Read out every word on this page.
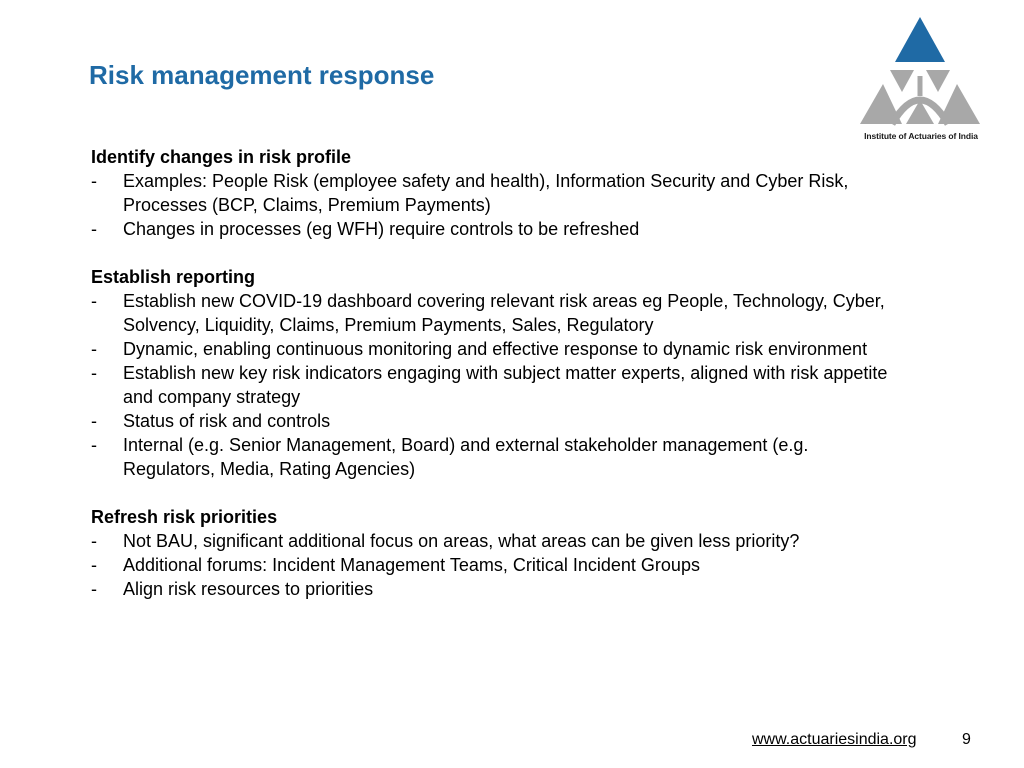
Risk management response
Institute of Actuaries of India

Identify changes in risk profile

- Examples: People Risk (employee safety and health), Information Security and Cyber Risk, Processes (BCP, Claims, Premium Payments)
- Changes in processes (eg WFH) require controls to be refreshed

Establish reporting

- Establish new COVID-19 dashboard covering relevant risk areas eg People, Technology, Cyber, Solvency, Liquidity, Claims, Premium Payments, Sales, Regulatory
- Dynamic, enabling continuous monitoring and effective response to dynamic risk environment
- Establish new key risk indicators engaging with subject matter experts, aligned with risk appetite and company strategy
- Status of risk and controls
- Internal (e.g. Senior Management, Board) and external stakeholder management (e.g. Regulators, Media, Rating Agencies)

Refresh risk priorities

- Not BAU, significant additional focus on areas, what areas can be given less priority?
- Additional forums: Incident Management Teams, Critical Incident Groups
- Align risk resources to priorities
www.actuariesindia.org	9
